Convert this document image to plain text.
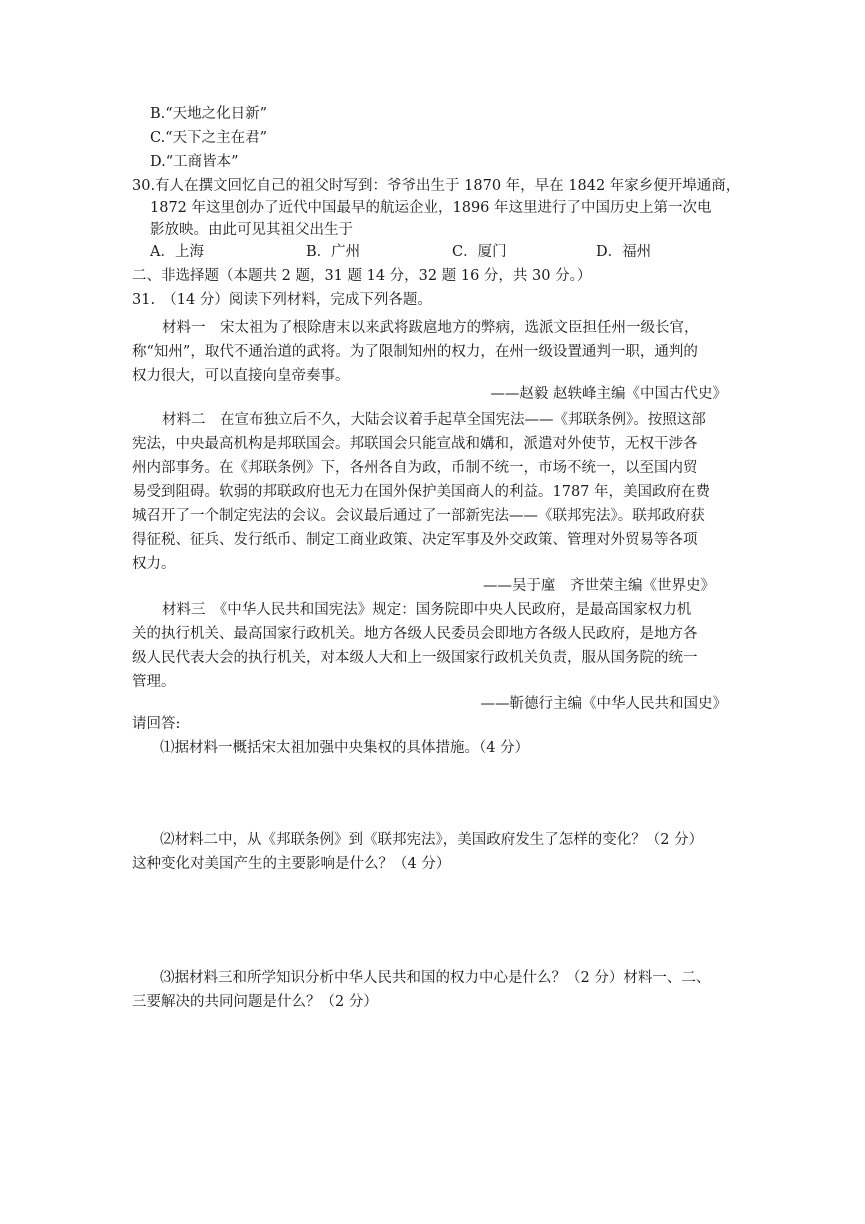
B.“天地之化日新”
C.“天下之主在君”
D.“工商皆本”
30.有人在撰文回忆自己的祖父时写到：爷爷出生于 1870 年，早在 1842 年家乡便开埠通商，
1872 年这里创办了近代中国最早的航运企业，1896 年这里进行了中国历史上第一次电
影放映。由此可见其祖父出生于
A．上海	B．广州	C．厦门	D．福州
二、非选择题（本题共 2 题，31 题 14 分，32 题 16 分，共 30 分。）
31.　（14 分）阅读下列材料，完成下列各题。
材料一　宋太祖为了根除唐末以来武将跋扈地方的弊病，选派文臣担任州一级长官，
称“知州”，取代不通治道的武将。为了限制知州的权力，在州一级设置通判一职，通判的
权力很大，可以直接向皇帝奏事。
——赵毅 赵轶峰主编《中国古代史》
材料二　在宣布独立后不久，大陆会议着手起草全国宪法——《邦联条例》。按照这部
宪法，中央最高机构是邦联国会。邦联国会只能宣战和媾和，派遣对外使节，无权干涉各
州内部事务。在《邦联条例》下，各州各自为政，币制不统一，市场不统一，以至国内贸
易受到阻碍。软弱的邦联政府也无力在国外保护美国商人的利益。1787 年，美国政府在费
城召开了一个制定宪法的会议。会议最后通过了一部新宪法——《联邦宪法》。联邦政府获
得征税、征兵、发行纸币、制定工商业政策、决定军事及外交政策、管理对外贸易等各项
权力。
——吴于廑　齐世荣主编《世界史》
材料三　《中华人民共和国宪法》规定：国务院即中央人民政府，是最高国家权力机
关的执行机关、最高国家行政机关。地方各级人民委员会即地方各级人民政府，是地方各
级人民代表大会的执行机关，对本级人大和上一级国家行政机关负责，服从国务院的统一
管理。
——靳德行主编《中华人民共和国史》
请回答:
⑴据材料一概括宋太祖加强中央集权的具体措施。（4 分）
⑵材料二中，从《邦联条例》到《联邦宪法》，美国政府发生了怎样的变化？（2 分）
这种变化对美国产生的主要影响是什么？（4 分）
⑶据材料三和所学知识分析中华人民共和国的权力中心是什么？（2 分）材料一、二、
三要解决的共同问题是什么？（2 分）
